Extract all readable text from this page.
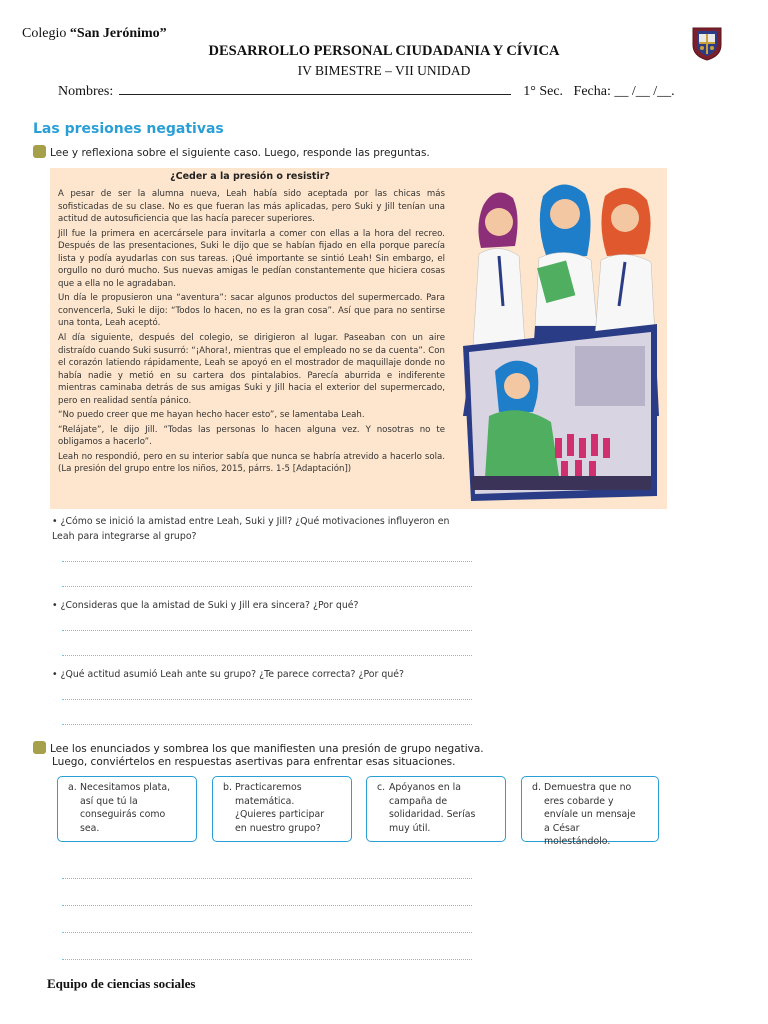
Colegio “San Jerónimo”
DESARROLLO PERSONAL CIUDADANIA Y CÍVICA
IV BIMESTRE – VII UNIDAD
Nombres:	1° Sec. Fecha: __ /__ /__.
Las presiones negativas
Lee y reflexiona sobre el siguiente caso. Luego, responde las preguntas.
¿Ceder a la presión o resistir?

A pesar de ser la alumna nueva, Leah había sido aceptada por las chicas más sofisticadas de su clase. No es que fueran las más aplicadas, pero Suki y Jill tenían una actitud de autosuficiencia que las hacía parecer superiores.

Jill fue la primera en acercársele para invitarla a comer con ellas a la hora del recreo. Después de las presentaciones, Suki le dijo que se habían fijado en ella porque parecía lista y podía ayudarlas con sus tareas. ¡Qué importante se sintió Leah! Sin embargo, el orgullo no duró mucho. Sus nuevas amigas le pedían constantemente que hiciera cosas que a ella no le agradaban.

Un día le propusieron una “aventura”: sacar algunos productos del supermercado. Para convencerla, Suki le dijo: “Todos lo hacen, no es la gran cosa”. Así que para no sentirse una tonta, Leah aceptó.

Al día siguiente, después del colegio, se dirigieron al lugar. Paseaban con un aire distraído cuando Suki susurró: “¡Ahora!, mientras que el empleado no se da cuenta”. Con el corazón latiendo rápidamente, Leah se apoyó en el mostrador de maquillaje donde no había nadie y metió en su cartera dos pintalabios. Parecía aburrida e indiferente mientras caminaba detrás de sus amigas Suki y Jill hacia el exterior del supermercado, pero en realidad sentía pánico.

“No puedo creer que me hayan hecho hacer esto”, se lamentaba Leah.

“Relájate”, le dijo Jill. “Todas las personas lo hacen alguna vez. Y nosotras no te obligamos a hacerlo”.

Leah no respondió, pero en su interior sabía que nunca se habría atrevido a hacerlo sola. (La presión del grupo entre los niños, 2015, párrs. 1-5 [Adaptación])

• ¿Cómo se inició la amistad entre Leah, Suki y Jill? ¿Qué motivaciones influyeron en Leah para integrarse al grupo?
• ¿Consideras que la amistad de Suki y Jill era sincera? ¿Por qué?
• ¿Qué actitud asumió Leah ante su grupo? ¿Te parece correcta? ¿Por qué?
Lee los enunciados y sombrea los que manifiesten una presión de grupo negativa.
Luego, conviértelos en respuestas asertivas para enfrentar esas situaciones.
a. Necesitamos plata, así que tú la conseguirás como sea.
b. Practicaremos matemática. ¿Quieres participar en nuestro grupo?
c. Apóyanos en la campaña de solidaridad. Serías muy útil.
d. Demuestra que no eres cobarde y envíale un mensaje a César molestándolo.
Equipo de ciencias sociales
